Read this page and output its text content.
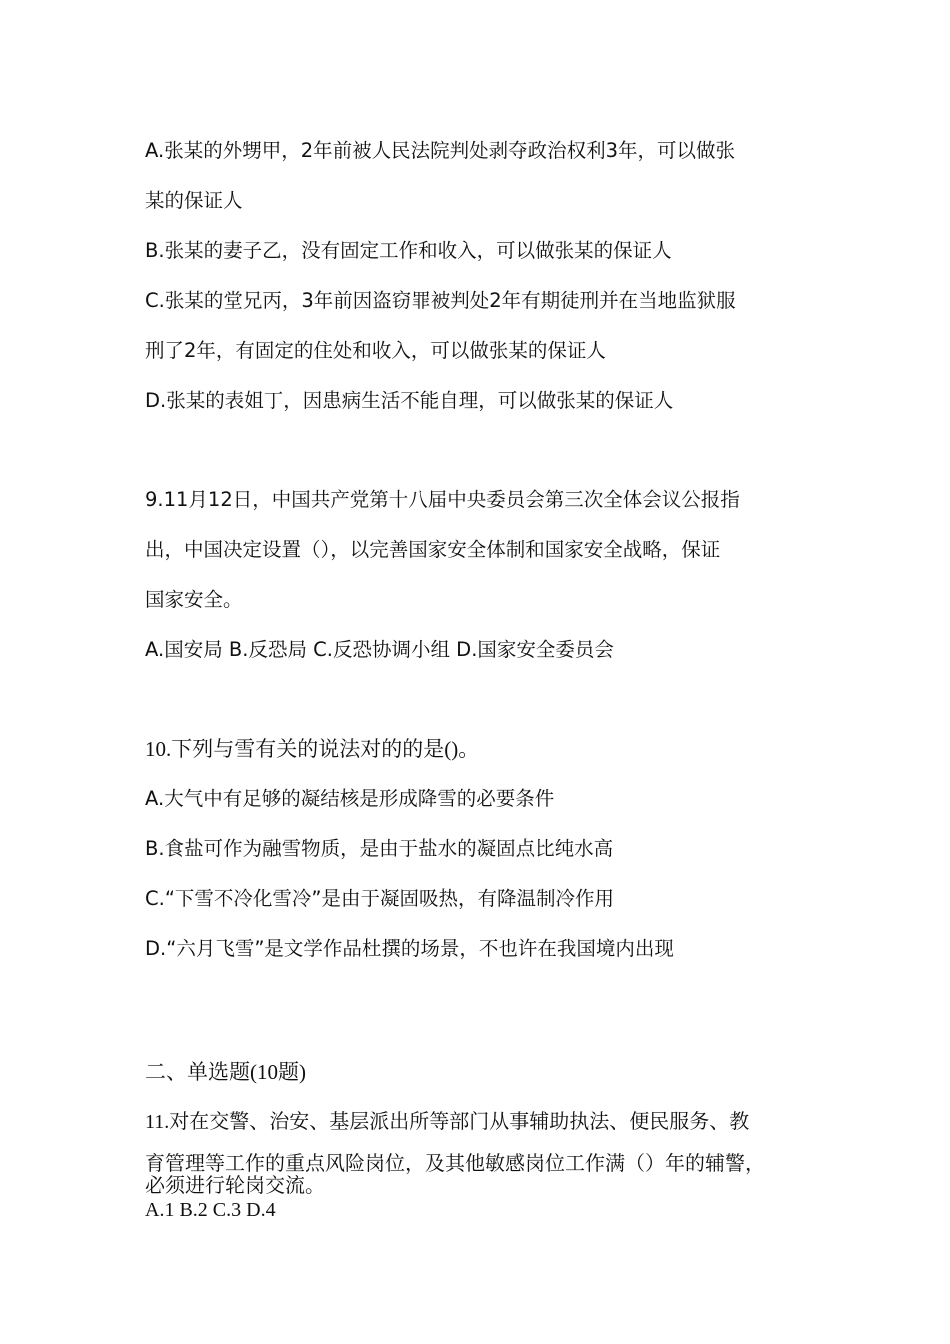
A.张某的外甥甲，2年前被人民法院判处剥夺政治权利3年，可以做张
某的保证人
B.张某的妻子乙，没有固定工作和收入，可以做张某的保证人
C.张某的堂兄丙，3年前因盗窃罪被判处2年有期徒刑并在当地监狱服
刑了2年，有固定的住处和收入，可以做张某的保证人
D.张某的表姐丁，因患病生活不能自理，可以做张某的保证人
9.11月12日，中国共产党第十八届中央委员会第三次全体会议公报指
出，中国决定设置（），以完善国家安全体制和国家安全战略，保证
国家安全。
A.国安局 B.反恐局 C.反恐协调小组 D.国家安全委员会
10.下列与雪有关的说法对的的是()。
A.大气中有足够的凝结核是形成降雪的必要条件
B.食盐可作为融雪物质，是由于盐水的凝固点比纯水高
C.“下雪不冷化雪冷”是由于凝固吸热，有降温制冷作用
D.“六月飞雪”是文学作品杜撰的场景，不也许在我国境内出现
二、单选题(10题)
11.对在交警、治安、基层派出所等部门从事辅助执法、便民服务、教
育管理等工作的重点风险岗位，及其他敏感岗位工作满（）年的辅警，
必须进行轮岗交流。
A.1 B.2 C.3 D.4
